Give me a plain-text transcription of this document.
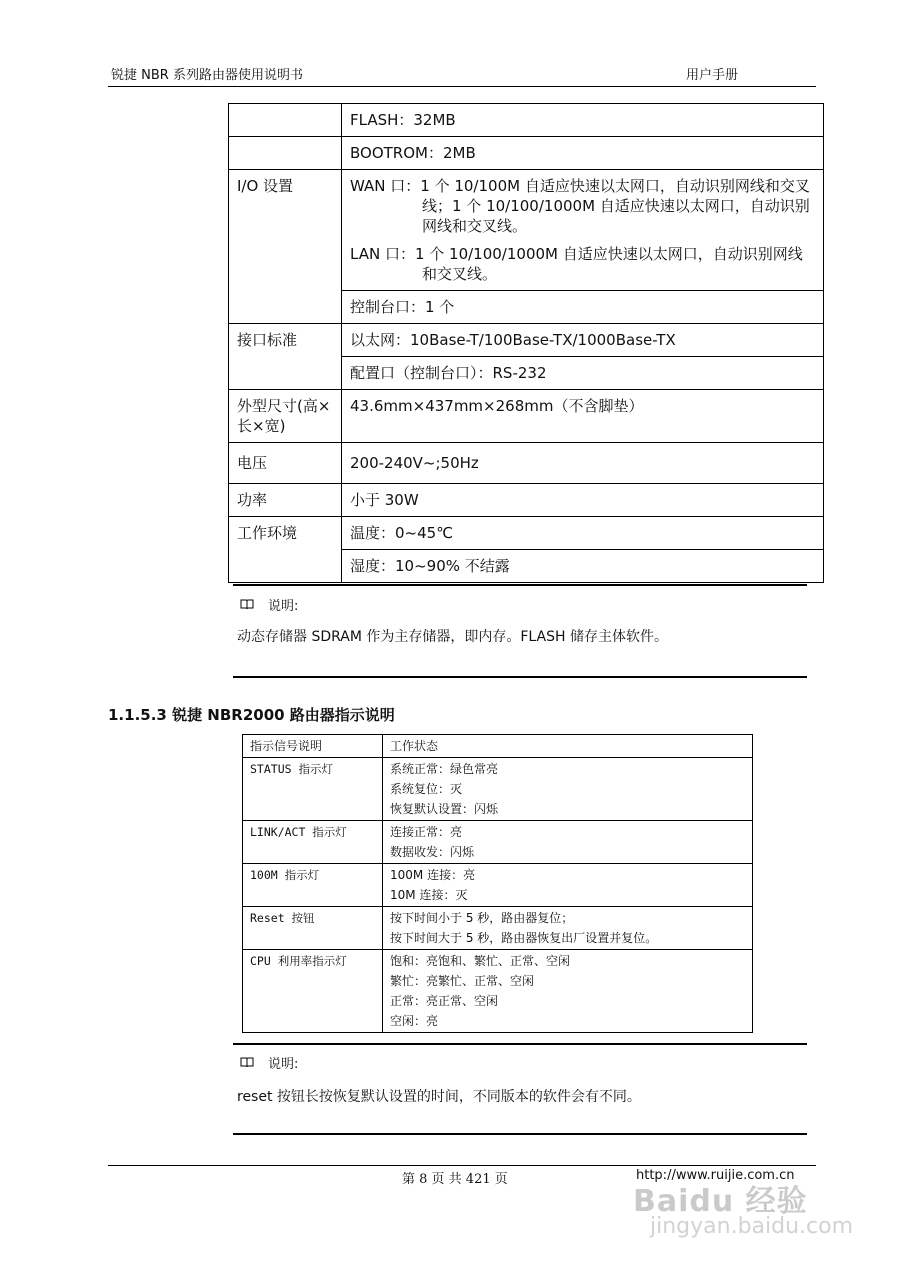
锐捷 NBR 系列路由器使用说明书	用户手册
	FLASH：32MB
	BOOTROM：2MB
I/O 设置	WAN 口：1 个 10/100M 自适应快速以太网口，自动识别网线和交叉线；1 个 10/100/1000M 自适应快速以太网口，自动识别网线和交叉线。
LAN 口：1 个 10/100/1000M 自适应快速以太网口，自动识别网线和交叉线。

	控制台口：1 个
接口标准	以太网：10Base-T/100Base-TX/1000Base-TX
	配置口（控制台口）：RS-232
外型尺寸(高×长×宽)	43.6mm×437mm×268mm（不含脚垫）
电压	200-240V~;50Hz
功率	小于 30W
工作环境	温度：0~45℃
	湿度：10~90% 不结露
说明:
动态存储器 SDRAM 作为主存储器，即内存。FLASH 储存主体软件。
1.1.5.3 锐捷 NBR2000 路由器指示说明
指示信号说明	工作状态
STATUS 指示灯	系统正常：绿色常亮
系统复位：灭
恢复默认设置：闪烁

LINK/ACT 指示灯	连接正常：亮
数据收发：闪烁

100M 指示灯	100M 连接：亮
10M 连接：灭

Reset 按钮	按下时间小于 5 秒，路由器复位；
按下时间大于 5 秒，路由器恢复出厂设置并复位。

CPU 利用率指示灯	饱和：亮饱和、繁忙、正常、空闲
繁忙：亮繁忙、正常、空闲
正常：亮正常、空闲
空闲：亮
说明:
reset 按钮长按恢复默认设置的时间，不同版本的软件会有不同。
第 8 页 共 421 页	http://www.ruijie.com.cn
Baidu 经验
jingyan.baidu.com
